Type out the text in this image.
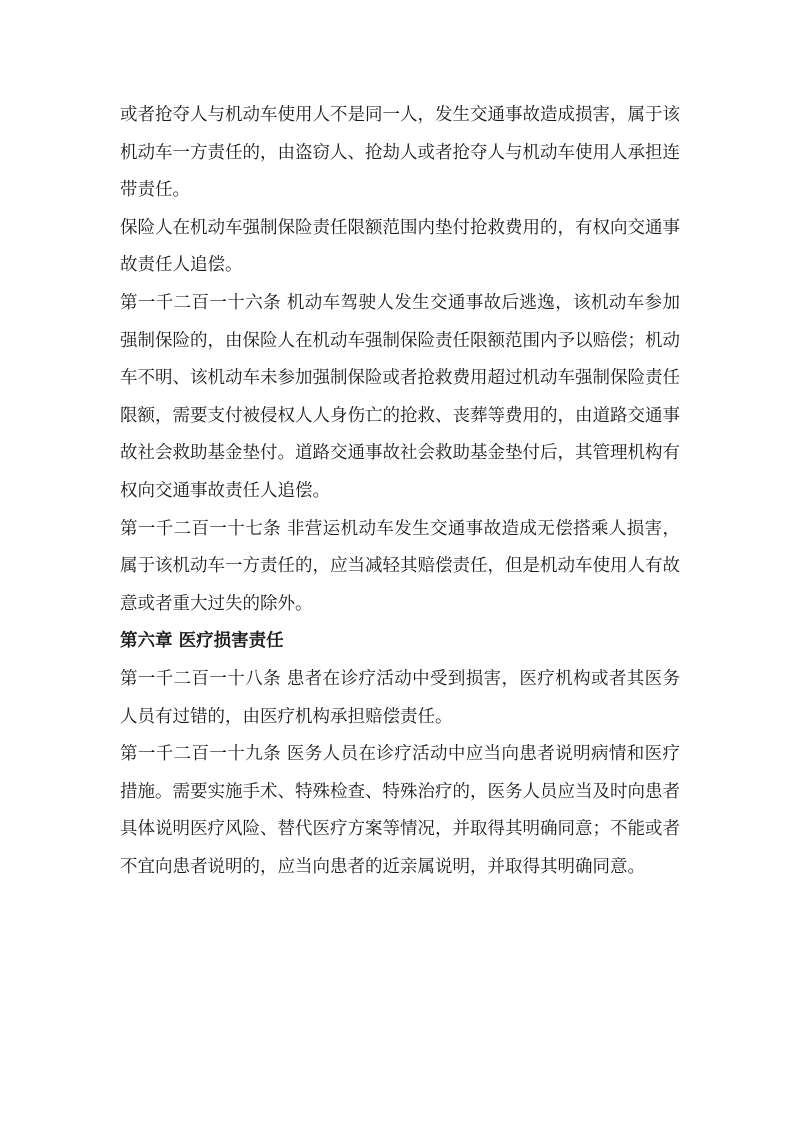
或者抢夺人与机动车使用人不是同一人，发生交通事故造成损害，属于该机动车一方责任的，由盗窃人、抢劫人或者抢夺人与机动车使用人承担连带责任。

保险人在机动车强制保险责任限额范围内垫付抢救费用的，有权向交通事故责任人追偿。

第一千二百一十六条 机动车驾驶人发生交通事故后逃逸，该机动车参加强制保险的，由保险人在机动车强制保险责任限额范围内予以赔偿；机动车不明、该机动车未参加强制保险或者抢救费用超过机动车强制保险责任限额，需要支付被侵权人人身伤亡的抢救、丧葬等费用的，由道路交通事故社会救助基金垫付。道路交通事故社会救助基金垫付后，其管理机构有权向交通事故责任人追偿。

第一千二百一十七条 非营运机动车发生交通事故造成无偿搭乘人损害，属于该机动车一方责任的，应当减轻其赔偿责任，但是机动车使用人有故意或者重大过失的除外。

第六章 医疗损害责任

第一千二百一十八条 患者在诊疗活动中受到损害，医疗机构或者其医务人员有过错的，由医疗机构承担赔偿责任。

第一千二百一十九条 医务人员在诊疗活动中应当向患者说明病情和医疗措施。需要实施手术、特殊检查、特殊治疗的，医务人员应当及时向患者具体说明医疗风险、替代医疗方案等情况，并取得其明确同意；不能或者不宜向患者说明的，应当向患者的近亲属说明，并取得其明确同意。
